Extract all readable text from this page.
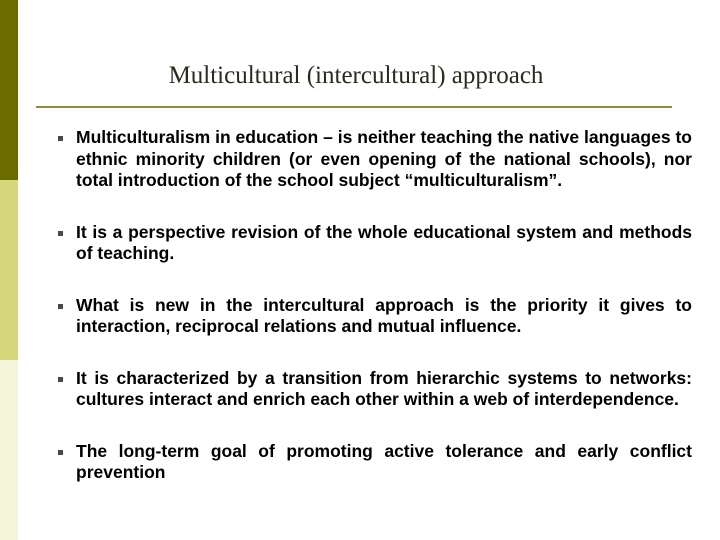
Multicultural (intercultural) approach
Multiculturalism in education – is neither teaching the native languages to ethnic minority children (or even opening of the national schools), nor total introduction of the school subject “multiculturalism”.
It is a perspective revision of the whole educational system and methods of teaching.
What is new in the intercultural approach is the priority it gives to interaction, reciprocal relations and mutual influence.
It is characterized by a transition from hierarchic systems to networks: cultures interact and enrich each other within a web of interdependence.
The long-term goal of promoting active tolerance and early conflict prevention
